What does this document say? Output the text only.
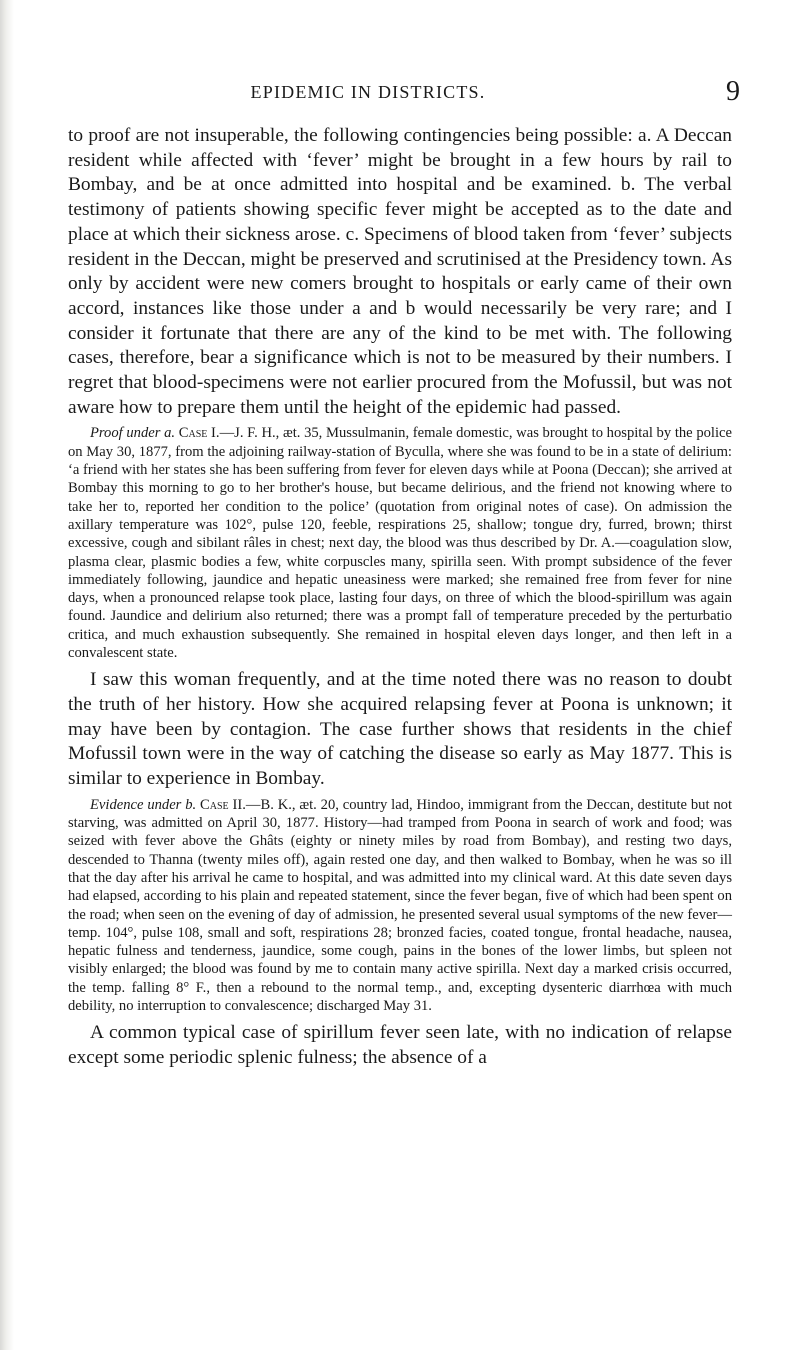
EPIDEMIC IN DISTRICTS.	9

to proof are not insuperable, the following contingencies being possible: a. A Deccan resident while affected with ‘fever’ might be brought in a few hours by rail to Bombay, and be at once admitted into hospital and be examined. b. The verbal testimony of patients showing specific fever might be accepted as to the date and place at which their sickness arose. c. Specimens of blood taken from ‘fever’ subjects resident in the Deccan, might be preserved and scrutinised at the Presidency town. As only by accident were new comers brought to hospitals or early came of their own accord, instances like those under a and b would necessarily be very rare; and I consider it fortunate that there are any of the kind to be met with. The following cases, therefore, bear a significance which is not to be measured by their numbers. I regret that blood-specimens were not earlier procured from the Mofussil, but was not aware how to prepare them until the height of the epidemic had passed.

Proof under a. Case I.—J. F. H., æt. 35, Mussulmanin, female domestic, was brought to hospital by the police on May 30, 1877, from the adjoining railway-station of Byculla, where she was found to be in a state of delirium: ‘a friend with her states she has been suffering from fever for eleven days while at Poona (Deccan); she arrived at Bombay this morning to go to her brother's house, but became delirious, and the friend not knowing where to take her to, reported her condition to the police’ (quotation from original notes of case). On admission the axillary temperature was 102°, pulse 120, feeble, respirations 25, shallow; tongue dry, furred, brown; thirst excessive, cough and sibilant râles in chest; next day, the blood was thus described by Dr. A.—coagulation slow, plasma clear, plasmic bodies a few, white corpuscles many, spirilla seen. With prompt subsidence of the fever immediately following, jaundice and hepatic uneasiness were marked; she remained free from fever for nine days, when a pronounced relapse took place, lasting four days, on three of which the blood-spirillum was again found. Jaundice and delirium also returned; there was a prompt fall of temperature preceded by the perturbatio critica, and much exhaustion subsequently. She remained in hospital eleven days longer, and then left in a convalescent state.

I saw this woman frequently, and at the time noted there was no reason to doubt the truth of her history. How she acquired relapsing fever at Poona is unknown; it may have been by contagion. The case further shows that residents in the chief Mofussil town were in the way of catching the disease so early as May 1877. This is similar to experience in Bombay.

Evidence under b. Case II.—B. K., æt. 20, country lad, Hindoo, immigrant from the Deccan, destitute but not starving, was admitted on April 30, 1877. History—had tramped from Poona in search of work and food; was seized with fever above the Ghâts (eighty or ninety miles by road from Bombay), and resting two days, descended to Thanna (twenty miles off), again rested one day, and then walked to Bombay, when he was so ill that the day after his arrival he came to hospital, and was admitted into my clinical ward. At this date seven days had elapsed, according to his plain and repeated statement, since the fever began, five of which had been spent on the road; when seen on the evening of day of admission, he presented several usual symptoms of the new fever—temp. 104°, pulse 108, small and soft, respirations 28; bronzed facies, coated tongue, frontal headache, nausea, hepatic fulness and tenderness, jaundice, some cough, pains in the bones of the lower limbs, but spleen not visibly enlarged; the blood was found by me to contain many active spirilla. Next day a marked crisis occurred, the temp. falling 8° F., then a rebound to the normal temp., and, excepting dysenteric diarrhœa with much debility, no interruption to convalescence; discharged May 31.

A common typical case of spirillum fever seen late, with no indication of relapse except some periodic splenic fulness; the absence of a
